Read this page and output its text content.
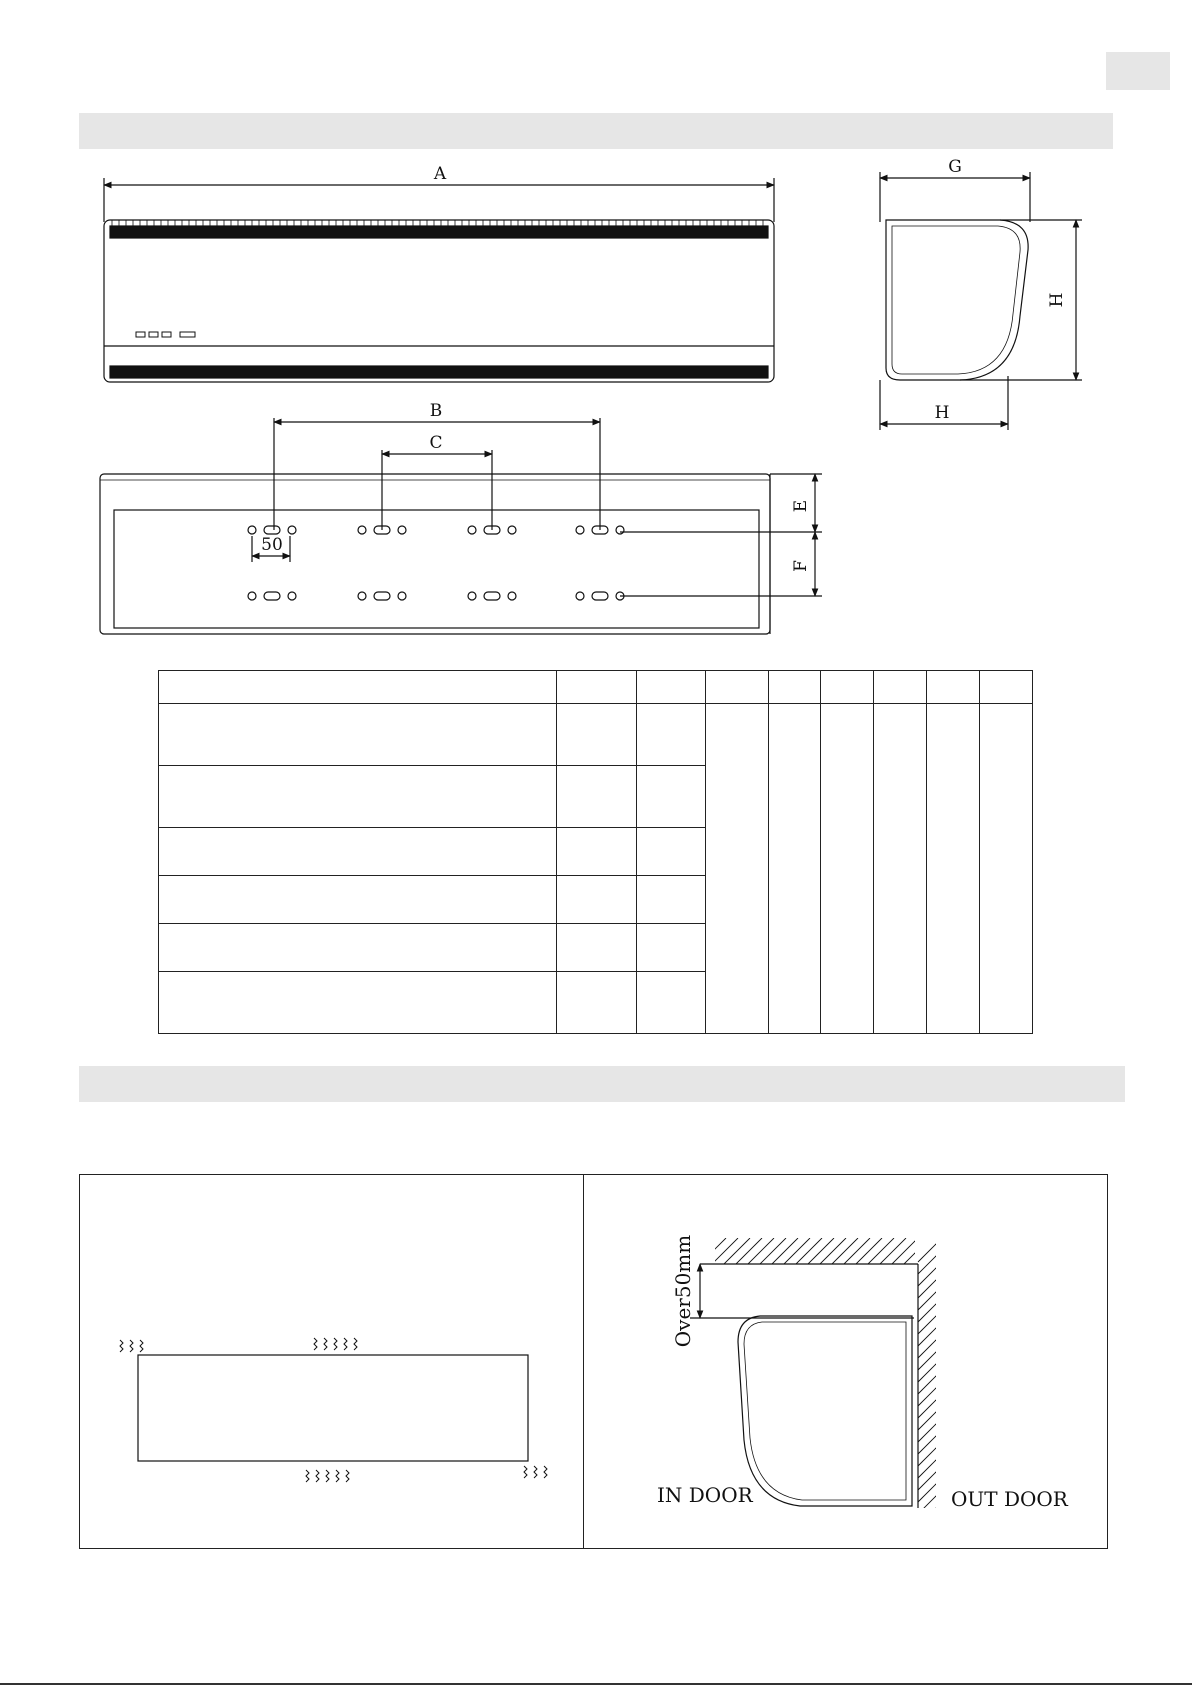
A	G
H
H
B
C
50
E
F

Over50mm
IN DOOR	OUT DOOR
